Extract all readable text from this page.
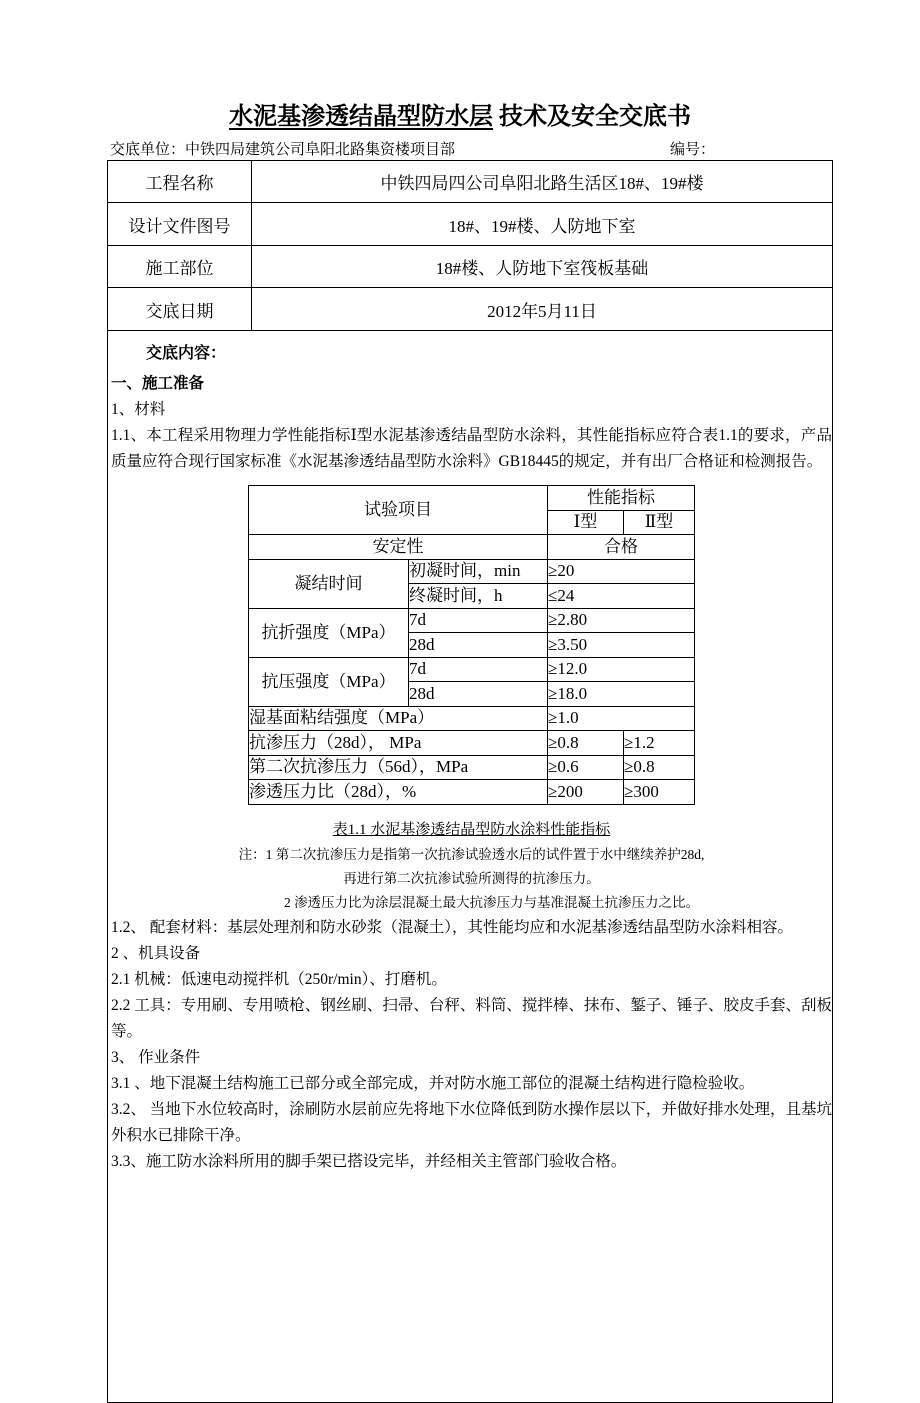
水泥基渗透结晶型防水层 技术及安全交底书
交底单位：中铁四局建筑公司阜阳北路集资楼项目部	编号：
工程名称	中铁四局四公司阜阳北路生活区18#、19#楼
设计文件图号	18#、19#楼、人防地下室
施工部位	18#楼、人防地下室筏板基础
交底日期	2012年5月11日

交底内容：
一、施工准备
1、材料
1.1、本工程采用物理力学性能指标Ⅰ型水泥基渗透结晶型防水涂料，其性能指标应符合表1.1的要求，产品质量应符合现行国家标准《水泥基渗透结晶型防水涂料》GB18445的规定，并有出厂合格证和检测报告。
试验项目	性能指标
Ⅰ型	Ⅱ型
安定性	合格
凝结时间	初凝时间，min	≥20
终凝时间，h	≤24
抗折强度（MPa）	7d	≥2.80
28d	≥3.50
抗压强度（MPa）	7d	≥12.0
28d	≥18.0
湿基面粘结强度（MPa）	≥1.0
抗渗压力（28d）， MPa	≥0.8	≥1.2
第二次抗渗压力（56d），MPa	≥0.6	≥0.8
渗透压力比（28d），%	≥200	≥300
表1.1 水泥基渗透结晶型防水涂料性能指标
注：1 第二次抗渗压力是指第一次抗渗试验透水后的试件置于水中继续养护28d,
再进行第二次抗渗试验所测得的抗渗压力。
2 渗透压力比为涂层混凝土最大抗渗压力与基准混凝土抗渗压力之比。
1.2、 配套材料：基层处理剂和防水砂浆（混凝土），其性能均应和水泥基渗透结晶型防水涂料相容。
2 、机具设备
2.1 机械：低速电动搅拌机（250r/min）、打磨机。
2.2 工具：专用刷、专用喷枪、钢丝刷、扫帚、台秤、料筒、搅拌棒、抹布、錾子、锤子、胶皮手套、刮板等。
3、 作业条件
3.1 、地下混凝土结构施工已部分或全部完成，并对防水施工部位的混凝土结构进行隐检验收。
3.2、 当地下水位较高时，涂刷防水层前应先将地下水位降低到防水操作层以下，并做好排水处理，且基坑外积水已排除干净。
3.3、施工防水涂料所用的脚手架已搭设完毕，并经相关主管部门验收合格。
